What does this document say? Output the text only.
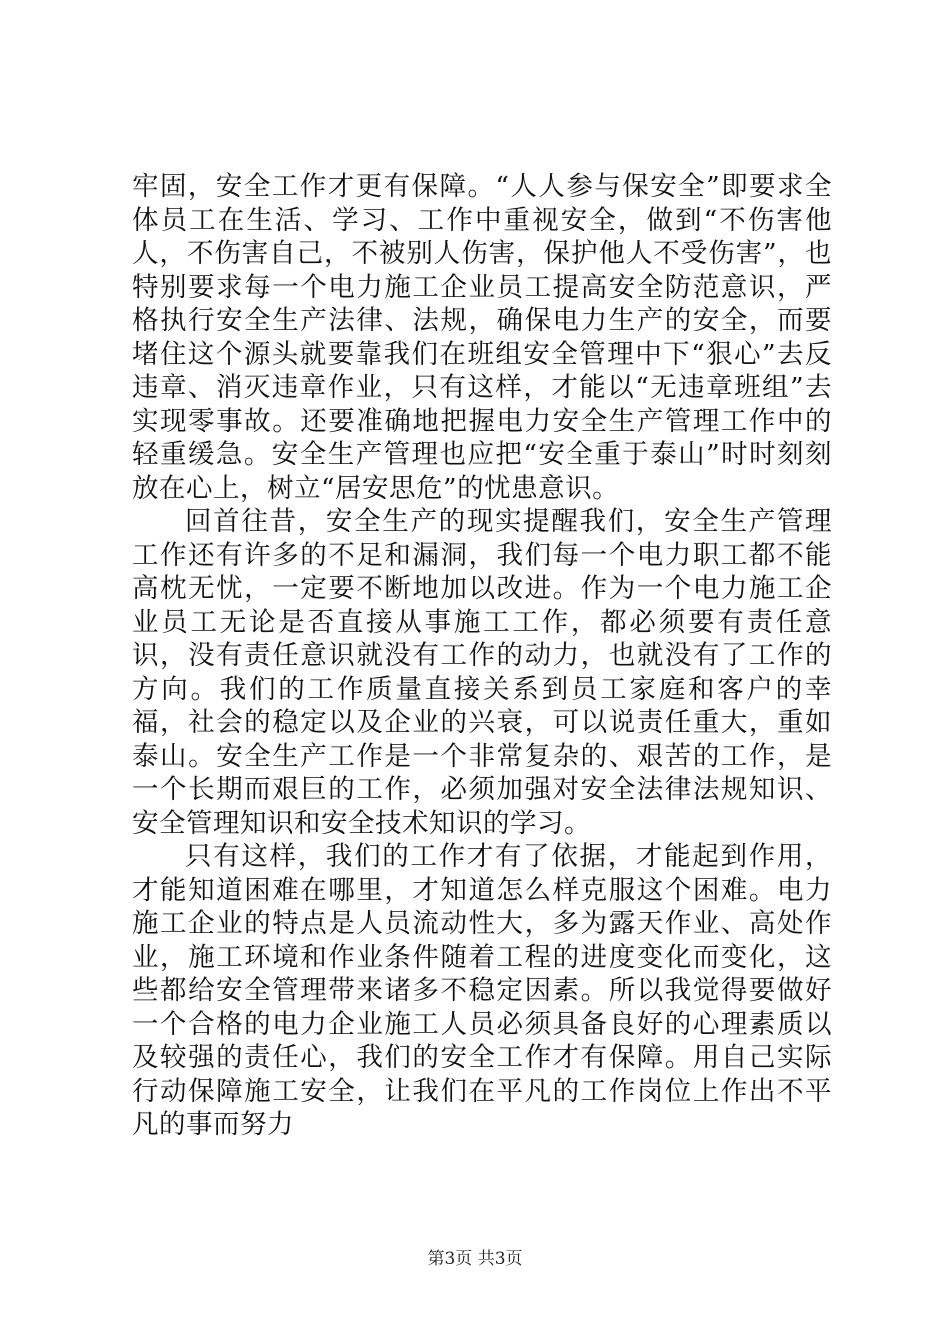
牢固，安全工作才更有保障。“人人参与保安全”即要求全体员工在生活、学习、工作中重视安全，做到“不伤害他人，不伤害自己，不被别人伤害，保护他人不受伤害”，也特别要求每一个电力施工企业员工提高安全防范意识，严格执行安全生产法律、法规，确保电力生产的安全，而要堵住这个源头就要靠我们在班组安全管理中下“狠心”去反违章、消灭违章作业，只有这样，才能以“无违章班组”去实现零事故。还要准确地把握电力安全生产管理工作中的轻重缓急。安全生产管理也应把“安全重于泰山”时时刻刻放在心上，树立“居安思危”的忧患意识。

回首往昔，安全生产的现实提醒我们，安全生产管理工作还有许多的不足和漏洞，我们每一个电力职工都不能高枕无忧，一定要不断地加以改进。作为一个电力施工企业员工无论是否直接从事施工工作，都必须要有责任意识，没有责任意识就没有工作的动力，也就没有了工作的方向。我们的工作质量直接关系到员工家庭和客户的幸福，社会的稳定以及企业的兴衰，可以说责任重大，重如泰山。安全生产工作是一个非常复杂的、艰苦的工作，是一个长期而艰巨的工作，必须加强对安全法律法规知识、安全管理知识和安全技术知识的学习。

只有这样，我们的工作才有了依据，才能起到作用，才能知道困难在哪里，才知道怎么样克服这个困难。电力施工企业的特点是人员流动性大，多为露天作业、高处作业，施工环境和作业条件随着工程的进度变化而变化，这些都给安全管理带来诸多不稳定因素。所以我觉得要做好一个合格的电力企业施工人员必须具备良好的心理素质以及较强的责任心，我们的安全工作才有保障。用自己实际行动保障施工安全，让我们在平凡的工作岗位上作出不平凡的事而努力

第3页 共3页
